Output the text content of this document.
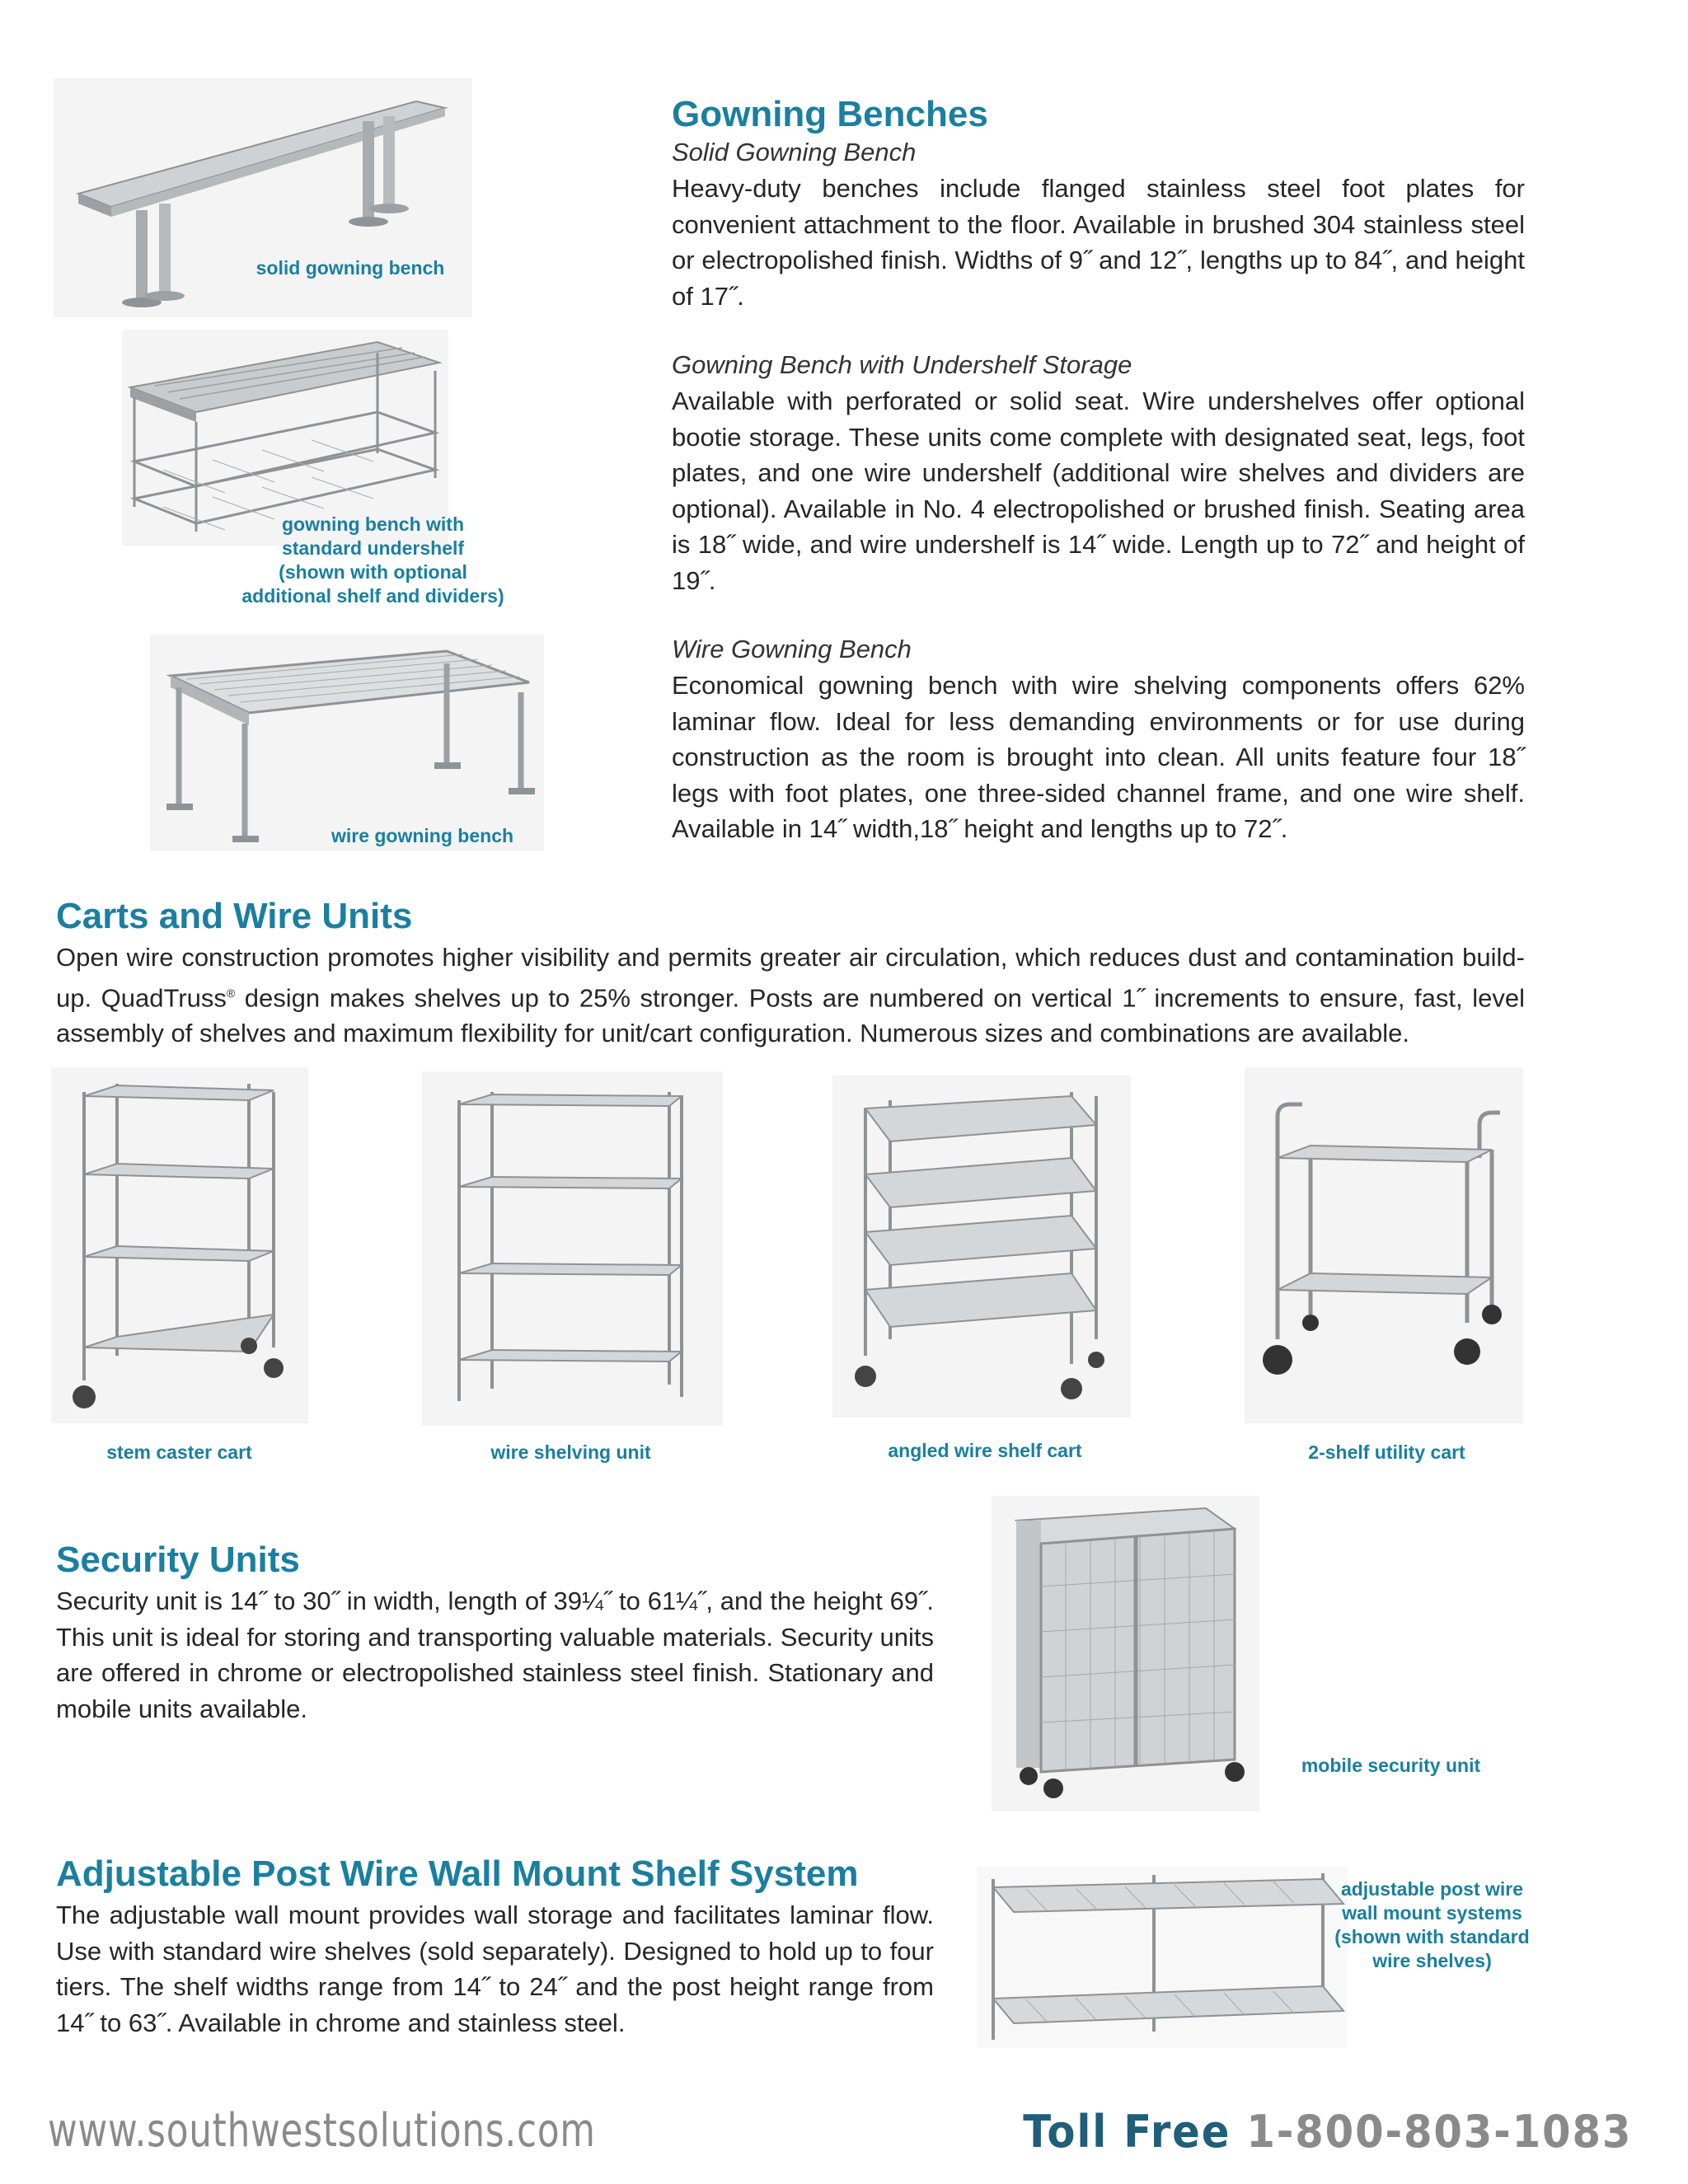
solid gowning bench
gowning bench with
standard undershelf
(shown with optional
additional shelf and dividers)
wire gowning bench
Gowning Benches
Solid Gowning Bench
Heavy-duty benches include flanged stainless steel foot plates for convenient attachment to the floor. Available in brushed 304 stainless steel or electropolished finish. Widths of 9˝ and 12˝, lengths up to 84˝, and height of 17˝.
Gowning Bench with Undershelf Storage
Available with perforated or solid seat. Wire undershelves offer optional bootie storage. These units come complete with designated seat, legs, foot plates, and one wire undershelf (additional wire shelves and dividers are optional). Available in No. 4 electropolished or brushed finish. Seating area is 18˝ wide, and wire undershelf is 14˝ wide. Length up to 72˝ and height of 19˝.
Wire Gowning Bench
Economical gowning bench with wire shelving components offers 62% laminar flow. Ideal for less demanding environments or for use during construction as the room is brought into clean. All units feature four 18˝ legs with foot plates, one three-sided channel frame, and one wire shelf. Available in 14˝ width,18˝ height and lengths up to 72˝.
Carts and Wire Units
Open wire construction promotes higher visibility and permits greater air circulation, which reduces dust and contamination build-up. QuadTruss® design makes shelves up to 25% stronger. Posts are numbered on vertical 1˝ increments to ensure, fast, level assembly of shelves and maximum flexibility for unit/cart configuration. Numerous sizes and combinations are available.
stem caster cart	wire shelving unit	angled wire shelf cart	2-shelf utility cart
Security Units
Security unit is 14˝ to 30˝ in width, length of 39¼˝ to 61¼˝, and the height 69˝. This unit is ideal for storing and transporting valuable materials. Security units are offered in chrome or electropolished stainless steel finish. Stationary and mobile units available.
mobile security unit
Adjustable Post Wire Wall Mount Shelf System
The adjustable wall mount provides wall storage and facilitates laminar flow. Use with standard wire shelves (sold separately). Designed to hold up to four tiers. The shelf widths range from 14˝ to 24˝ and the post height range from 14˝ to 63˝. Available in chrome and stainless steel.
adjustable post wire
wall mount systems
(shown with standard
wire shelves)
www.southwestsolutions.com	Toll Free 1-800-803-1083
